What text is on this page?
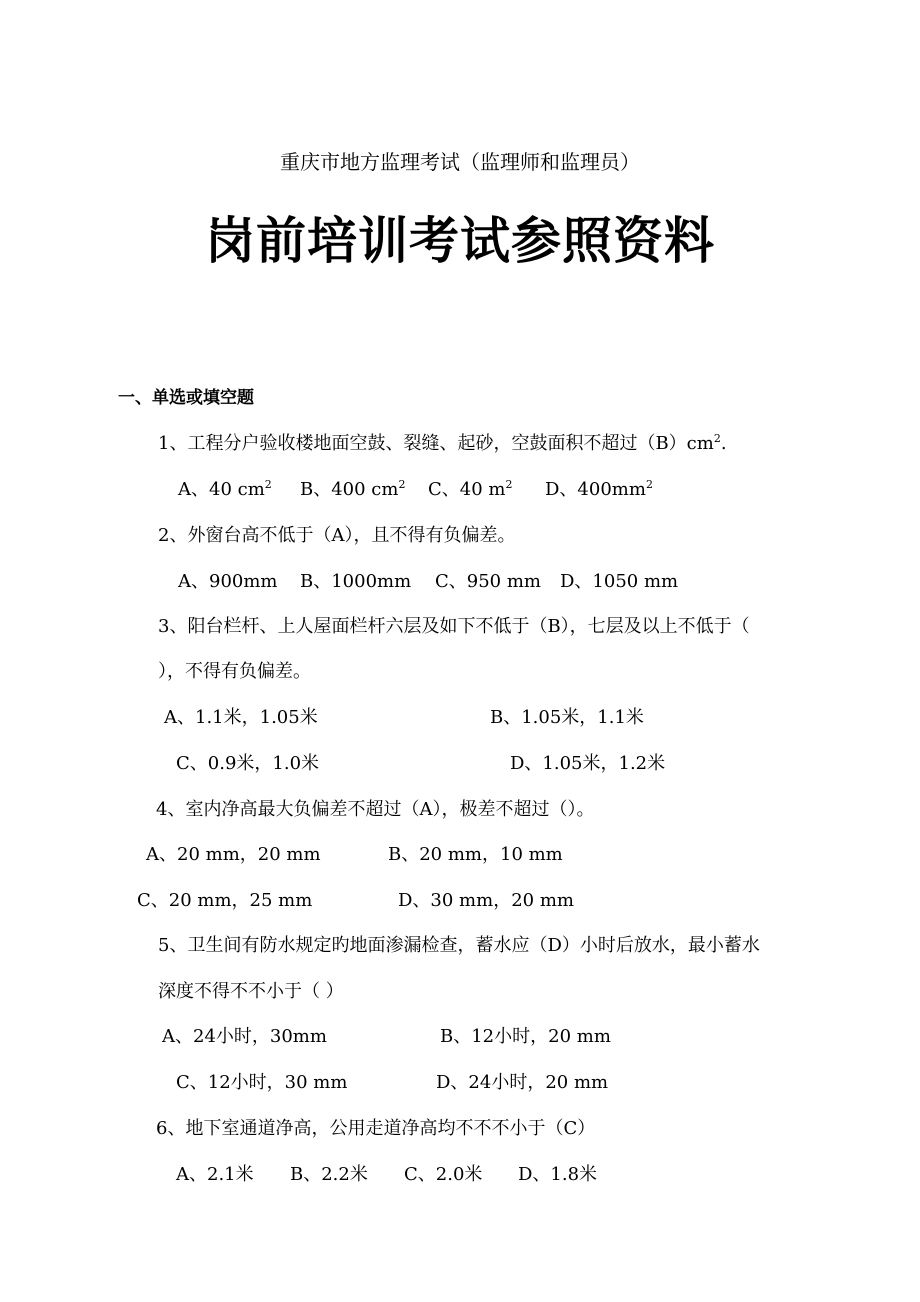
重庆市地方监理考试（监理师和监理员）
岗前培训考试参照资料
一、单选或填空题
1、工程分户验收楼地面空鼓、裂缝、起砂，空鼓面积不超过$(B)cm^2$.
A、40 $cm^2$ B、400 $cm^2$ C、40 $m^2$ D、$400mm^2$
2、外窗台高不低于（A），且不得有负偏差。
A、900mm B、1000mm C、950 mm D、1050 mm
3、阳台栏杆、上人屋面栏杆六层及如下不低于（B），七层及以上不低于（
），不得有负偏差。
A、1.1米，1.05米	B、1.05米，1.1米
C、0.9米，1.0米	D、1.05米，1.2米
4、室内净高最大负偏差不超过（A），极差不超过（）。
A、20 mm，20 mm	B、20 mm，10 mm
C、20 mm，25 mm	D、30 mm，20 mm
5、卫生间有防水规定旳地面渗漏检查，蓄水应（D）小时后放水，最小蓄水
深度不得不不小于（ ）
A、24小时，30mm	B、12小时，20 mm
C、12小时，30 mm	D、24小时，20 mm
6、地下室通道净高，公用走道净高均不不不小于（C）
A、2.1米 B、2.2米 C、2.0米 D、1.8米
